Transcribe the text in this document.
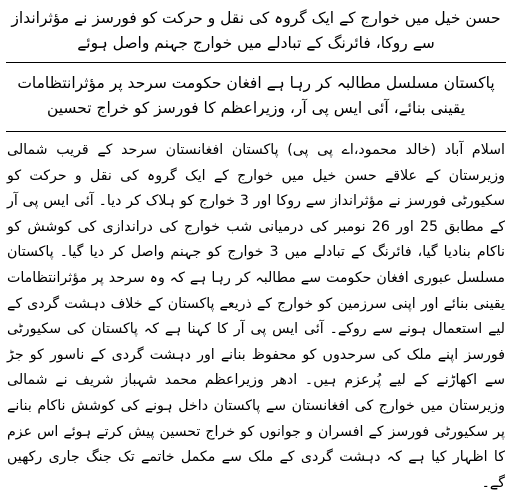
حسن خیل میں خوارج کے ایک گروہ کی نقل و حرکت کو فورسز نے مؤثرانداز سے روکا، فائرنگ کے تبادلے میں خوارج جہنم واصل ہوئے
پاکستان مسلسل مطالبہ کر رہا ہے افغان حکومت سرحد پر مؤثرانتظامات یقینی بنائے، آئی ایس پی آر، وزیراعظم کا فورسز کو خراج تحسین

اسلام آباد (خالد محمود،اے پی پی) پاکستان افغانستان سرحد کے قریب شمالی وزیرستان کے علاقے حسن خیل میں خوارج کے ایک گروہ کی نقل و حرکت کو سکیورٹی فورسز نے مؤثرانداز سے روکا اور 3 خوارج کو ہلاک کر دیا۔ آئی ایس پی آر کے مطابق 25 اور 26 نومبر کی درمیانی شب خوارج کی دراندازی کی کوشش کو ناکام بنادیا گیا، فائرنگ کے تبادلے میں 3 خوارج کو جہنم واصل کر دیا گیا۔ پاکستان مسلسل عبوری افغان حکومت سے مطالبہ کر رہا ہے کہ وہ سرحد پر مؤثرانتظامات یقینی بنائے اور اپنی سرزمین کو خوارج کے ذریعے پاکستان کے خلاف دہشت گردی کے لیے استعمال ہونے سے روکے۔ آئی ایس پی آر کا کہنا ہے کہ پاکستان کی سکیورٹی فورسز اپنے ملک کی سرحدوں کو محفوظ بنانے اور دہشت گردی کے ناسور کو جڑ سے اکھاڑنے کے لیے پُرعزم ہیں۔ ادھر وزیراعظم محمد شہباز شریف نے شمالی وزیرستان میں خوارج کی افغانستان سے پاکستان داخل ہونے کی کوشش ناکام بنانے پر سکیورٹی فورسز کے افسران و جوانوں کو خراج تحسین پیش کرتے ہوئے اس عزم کا اظہار کیا ہے کہ دہشت گردی کے ملک سے مکمل خاتمے تک جنگ جاری رکھیں گے۔
